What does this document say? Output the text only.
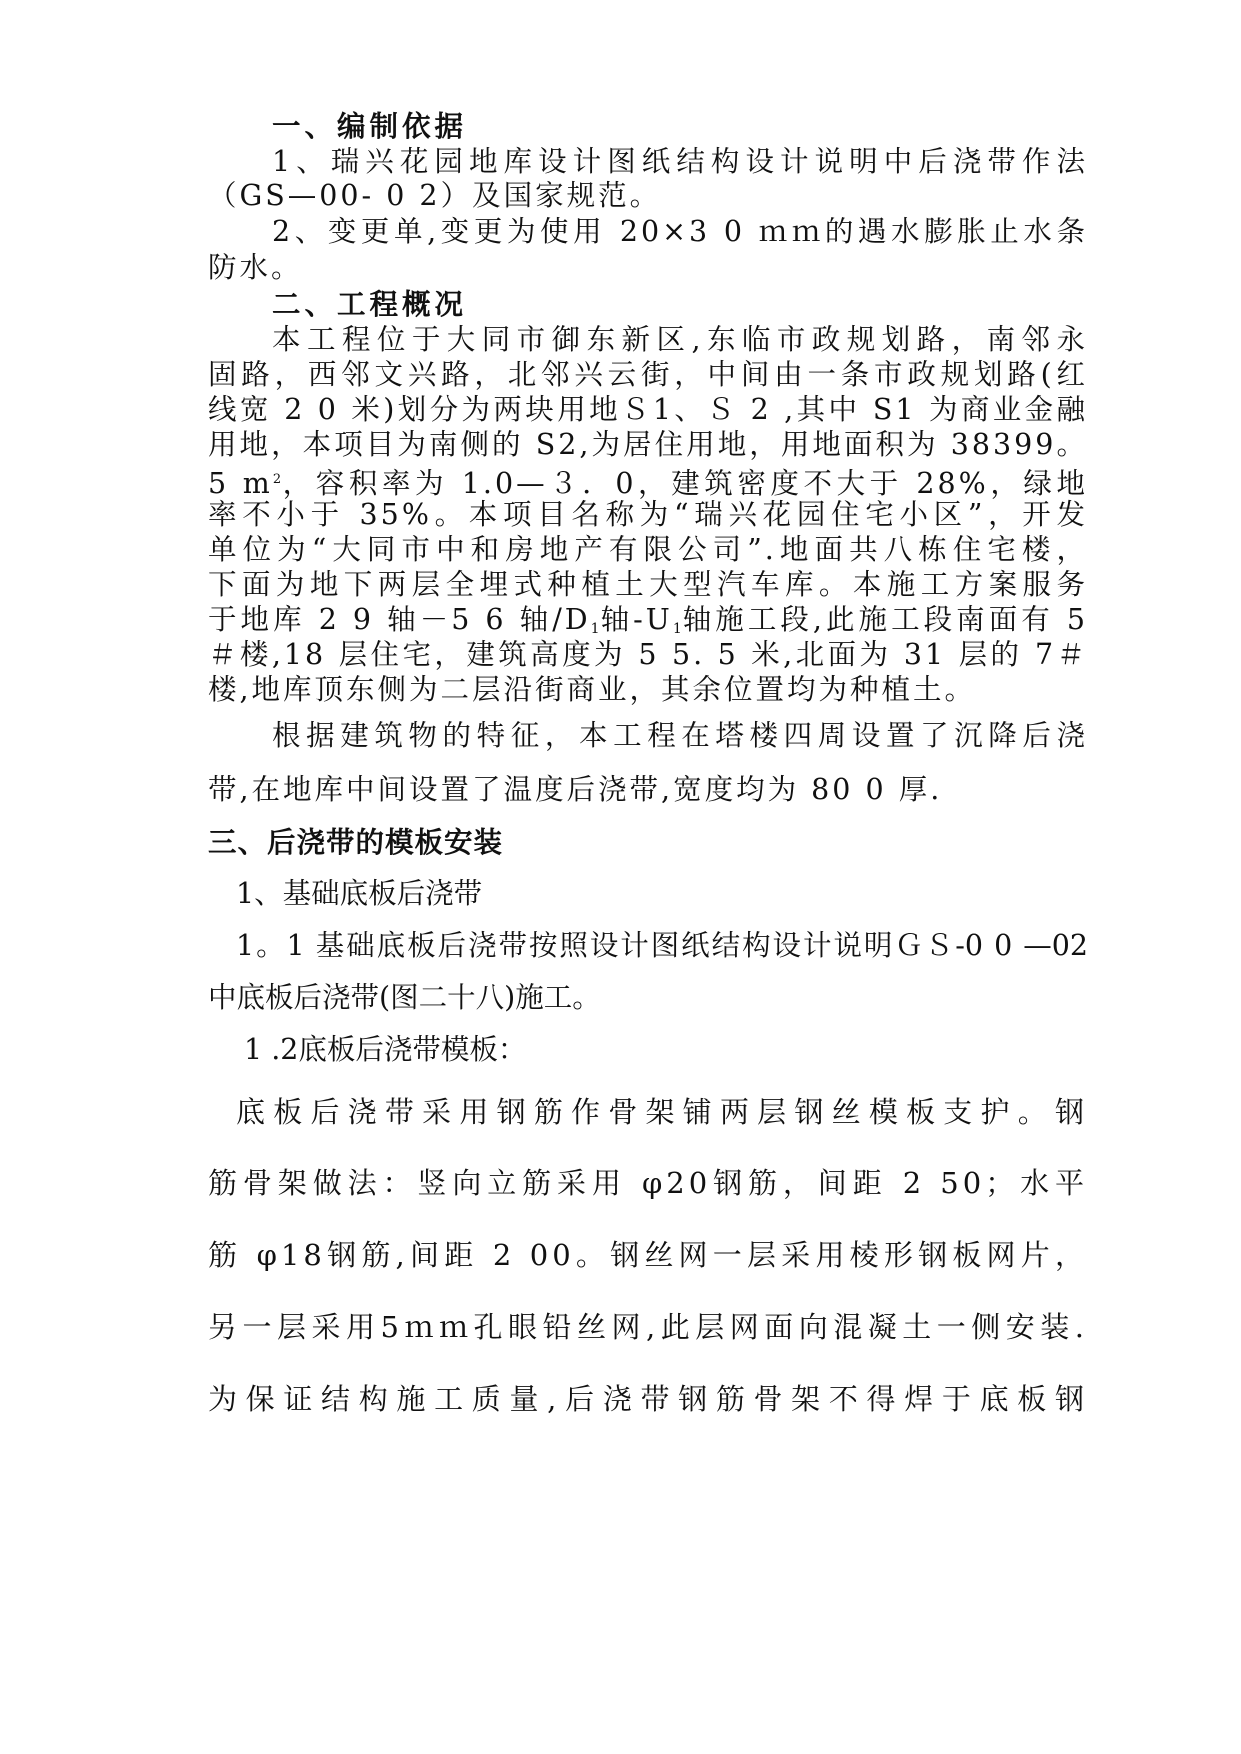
一、编制依据
1、瑞兴花园地库设计图纸结构设计说明中后浇带作法
（GS—00- 0 2）及国家规范。
2、变更单,变更为使用 20×3 0 ｍｍ的遇水膨胀止水条
防水。
二、工程概况
本工程位于大同市御东新区,东临市政规划路，南邻永
固路，西邻文兴路，北邻兴云街，中间由一条市政规划路(红
线宽 2 0 米)划分为两块用地Ｓ1、Ｓ 2 ,其中 S1 为商业金融
用地，本项目为南侧的 S2,为居住用地，用地面积为 38399。
5 $m^2$，容积率为 1.0—３．0，建筑密度不大于 28%，绿地
率不小于 35%。本项目名称为“瑞兴花园住宅小区”，开发
单位为“大同市中和房地产有限公司”.地面共八栋住宅楼，
下面为地下两层全埋式种植土大型汽车库。本施工方案服务
于地库 2 9 轴－5 6 轴$/D_1$轴$-U_1$轴施工段,此施工段南面有 5
＃楼,18 层住宅，建筑高度为 5 5. 5 米,北面为 31 层的 7＃
楼,地库顶东侧为二层沿街商业，其余位置均为种植土。
根据建筑物的特征，本工程在塔楼四周设置了沉降后浇
带,在地库中间设置了温度后浇带,宽度均为 80 0 厚.
三、后浇带的模板安装
1、基础底板后浇带
1。1 基础底板后浇带按照设计图纸结构设计说明ＧＳ-0 0 —02
中底板后浇带(图二十八)施工。
1 .2底板后浇带模板：
底板后浇带采用钢筋作骨架铺两层钢丝模板支护。钢
筋骨架做法：竖向立筋采用 φ20钢筋，间距 2 50；水平
筋 φ18钢筋,间距 2 00。钢丝网一层采用棱形钢板网片，
另一层采用5ｍｍ孔眼铅丝网,此层网面向混凝土一侧安装.
为保证结构施工质量,后浇带钢筋骨架不得焊于底板钢
